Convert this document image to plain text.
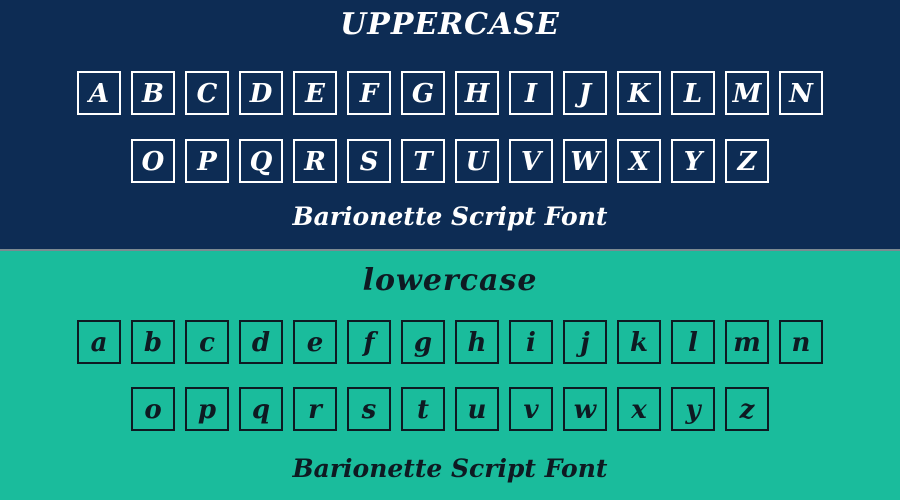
UPPERCASE
A B C D E F G H I J K L M N
O P Q R S T U V W X Y Z
Barionette Script Font
lowercase
a b c d e f g h i j k l m n
o p q r s t u v w x y z
Barionette Script Font
